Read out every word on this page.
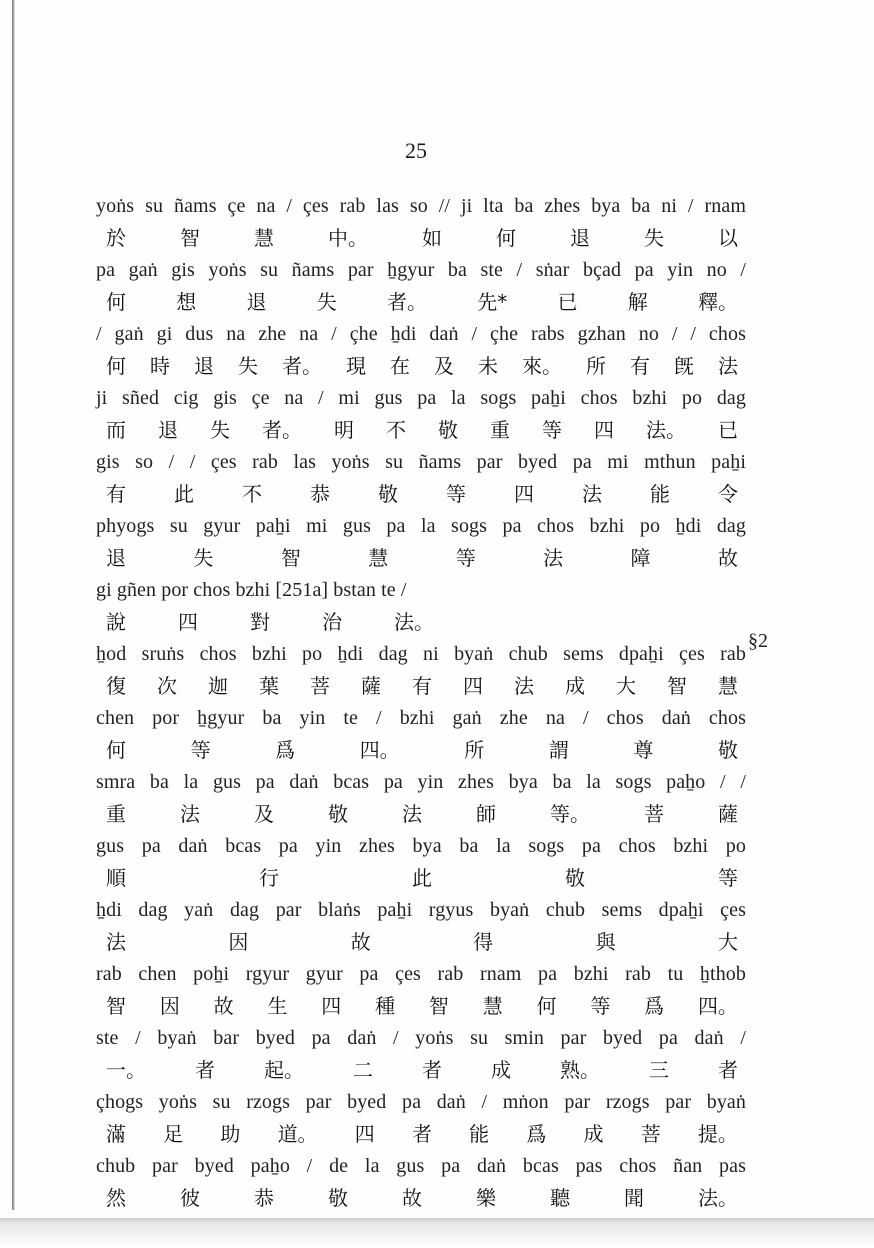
25
yoṅs su ñams çe na / çes rab las so // ji lta ba zhes bya ba ni / rnam
於	智	慧	中。	如	何	退	失	以
pa gaṅ gis yoṅs su ñams par ẖgyur ba ste / sṅar bçad pa yin no /
何	想	退	失	者。	先*	已	解	釋。
/ gaṅ gi dus na zhe na / çhe ẖdi daṅ / çhe rabs gzhan no / / chos
何 時 退 失 者。 現 在 及 未 來。 所 有 旣 法
ji sñed cig gis çe na / mi gus pa la sogs paẖi chos bzhi po dag
而 退 失 者。 明 不 敬 重 等 四 法。 已
gis so / / çes rab las yoṅs su ñams par byed pa mi mthun paẖi
有 此 不 恭 敬 等 四 法 能 令
phyogs su gyur paẖi mi gus pa la sogs pa chos bzhi po ẖdi dag
退	失	智	慧	等	法	障	故
gi gñen por chos bzhi [251a] bstan te /
說	四	對	治	法。
ẖod sruṅs chos bzhi po ẖdi dag ni byaṅ chub sems dpaẖi çes rab
復 次 迦 葉 菩 薩 有 四 法 成 大 智 慧
chen por ẖgyur ba yin te / bzhi gaṅ zhe na / chos daṅ chos
何	等	爲	四。	所	謂	尊	敬
smra ba la gus pa daṅ bcas pa yin zhes bya ba la sogs paẖo / /
重	法	及	敬	法	師	等。	菩	薩
gus pa daṅ bcas pa yin zhes bya ba la sogs pa chos bzhi po
順	行	此	敬	等
ẖdi dag yaṅ dag par blaṅs paẖi rgyus byaṅ chub sems dpaẖi çes
法	因	故	得	與	大
rab chen poẖi rgyur gyur pa çes rab rnam pa bzhi rab tu ẖthob
智 因 故 生 四 種 智 慧 何 等 爲 四。
ste / byaṅ bar byed pa daṅ / yoṅs su smin par byed pa daṅ /
一。 者 起。 二 者 成 熟。 三 者
çhogs yoṅs su rzogs par byed pa daṅ / mṅon par rzogs par byaṅ
滿 足 助 道。 四 者 能 爲 成 菩 提。
chub par byed paẖo / de la gus pa daṅ bcas pas chos ñan pas
然	彼	恭	敬	故	樂	聽	聞	法。
§2
